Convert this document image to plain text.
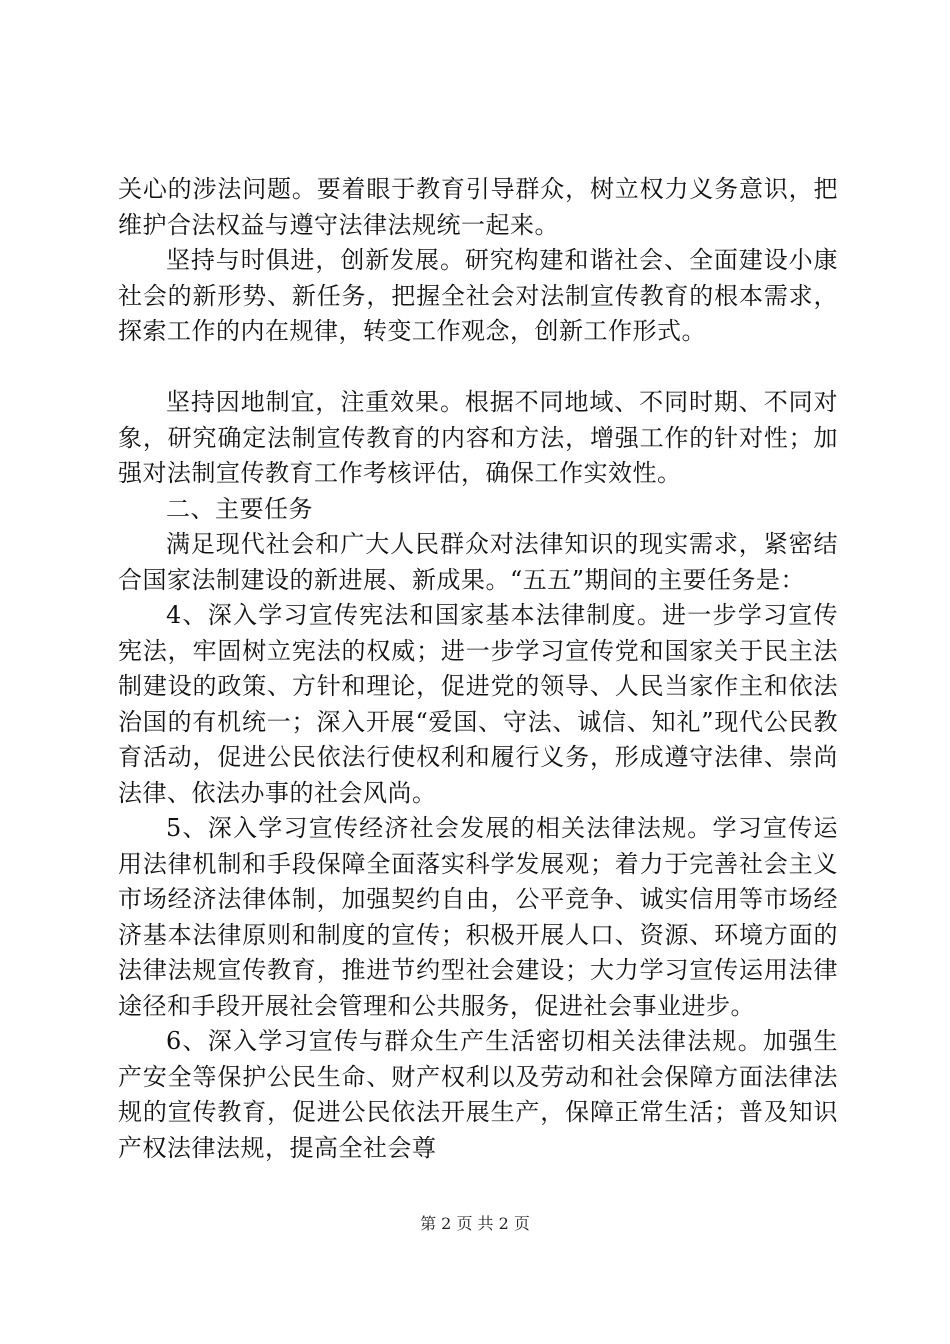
关心的涉法问题。要着眼于教育引导群众，树立权力义务意识，把维护合法权益与遵守法律法规统一起来。

坚持与时俱进，创新发展。研究构建和谐社会、全面建设小康社会的新形势、新任务，把握全社会对法制宣传教育的根本需求，探索工作的内在规律，转变工作观念，创新工作形式。

坚持因地制宜，注重效果。根据不同地域、不同时期、不同对象，研究确定法制宣传教育的内容和方法，增强工作的针对性；加强对法制宣传教育工作考核评估，确保工作实效性。

二、主要任务

满足现代社会和广大人民群众对法律知识的现实需求，紧密结合国家法制建设的新进展、新成果。“五五”期间的主要任务是：

4、深入学习宣传宪法和国家基本法律制度。进一步学习宣传宪法，牢固树立宪法的权威；进一步学习宣传党和国家关于民主法制建设的政策、方针和理论，促进党的领导、人民当家作主和依法治国的有机统一；深入开展“爱国、守法、诚信、知礼”现代公民教育活动，促进公民依法行使权利和履行义务，形成遵守法律、崇尚法律、依法办事的社会风尚。

5、深入学习宣传经济社会发展的相关法律法规。学习宣传运用法律机制和手段保障全面落实科学发展观；着力于完善社会主义市场经济法律体制，加强契约自由，公平竞争、诚实信用等市场经济基本法律原则和制度的宣传；积极开展人口、资源、环境方面的法律法规宣传教育，推进节约型社会建设；大力学习宣传运用法律途径和手段开展社会管理和公共服务，促进社会事业进步。

6、深入学习宣传与群众生产生活密切相关法律法规。加强生产安全等保护公民生命、财产权利以及劳动和社会保障方面法律法规的宣传教育，促进公民依法开展生产，保障正常生活；普及知识产权法律法规，提高全社会尊

第 2 页 共 2 页
